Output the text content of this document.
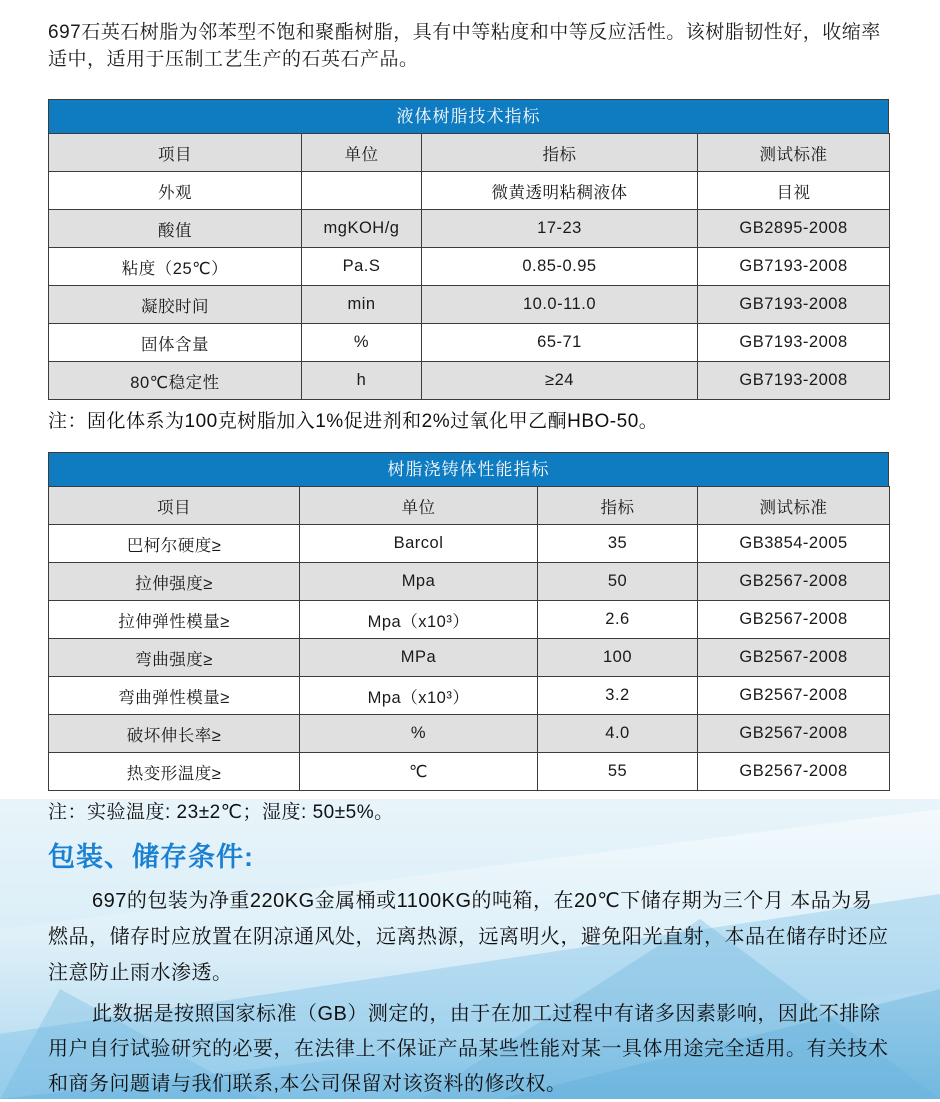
697石英石树脂为邻苯型不饱和聚酯树脂，具有中等粘度和中等反应活性。该树脂韧性好，收缩率适中，适用于压制工艺生产的石英石产品。

液体树脂技术指标
项目	单位	指标	测试标准
外观		微黄透明粘稠液体	目视
酸值	mgKOH/g	17-23	GB2895-2008
粘度（25℃）	Pa.S	0.85-0.95	GB7193-2008
凝胶时间	min	10.0-11.0	GB7193-2008
固体含量	%	65-71	GB7193-2008
80℃稳定性	h	≥24	GB7193-2008

注：固化体系为100克树脂加入1%促进剂和2%过氧化甲乙酮HBO-50。

树脂浇铸体性能指标
项目	单位	指标	测试标准
巴柯尔硬度≥	Barcol	35	GB3854-2005
拉伸强度≥	Mpa	50	GB2567-2008
拉伸弹性模量≥	Mpa（x10³）	2.6	GB2567-2008
弯曲强度≥	MPa	100	GB2567-2008
弯曲弹性模量≥	Mpa（x10³）	3.2	GB2567-2008
破坏伸长率≥	%	4.0	GB2567-2008
热变形温度≥	℃	55	GB2567-2008

注：实验温度: 23±2℃；湿度: 50±5%。

包装、储存条件:

697的包装为净重220KG金属桶或1100KG的吨箱，在20℃下储存期为三个月 本品为易燃品，储存时应放置在阴凉通风处，远离热源，远离明火，避免阳光直射，本品在储存时还应注意防止雨水渗透。

此数据是按照国家标准（GB）测定的，由于在加工过程中有诸多因素影响，因此不排除用户自行试验研究的必要，在法律上不保证产品某些性能对某一具体用途完全适用。有关技术和商务问题请与我们联系,本公司保留对该资料的修改权。
